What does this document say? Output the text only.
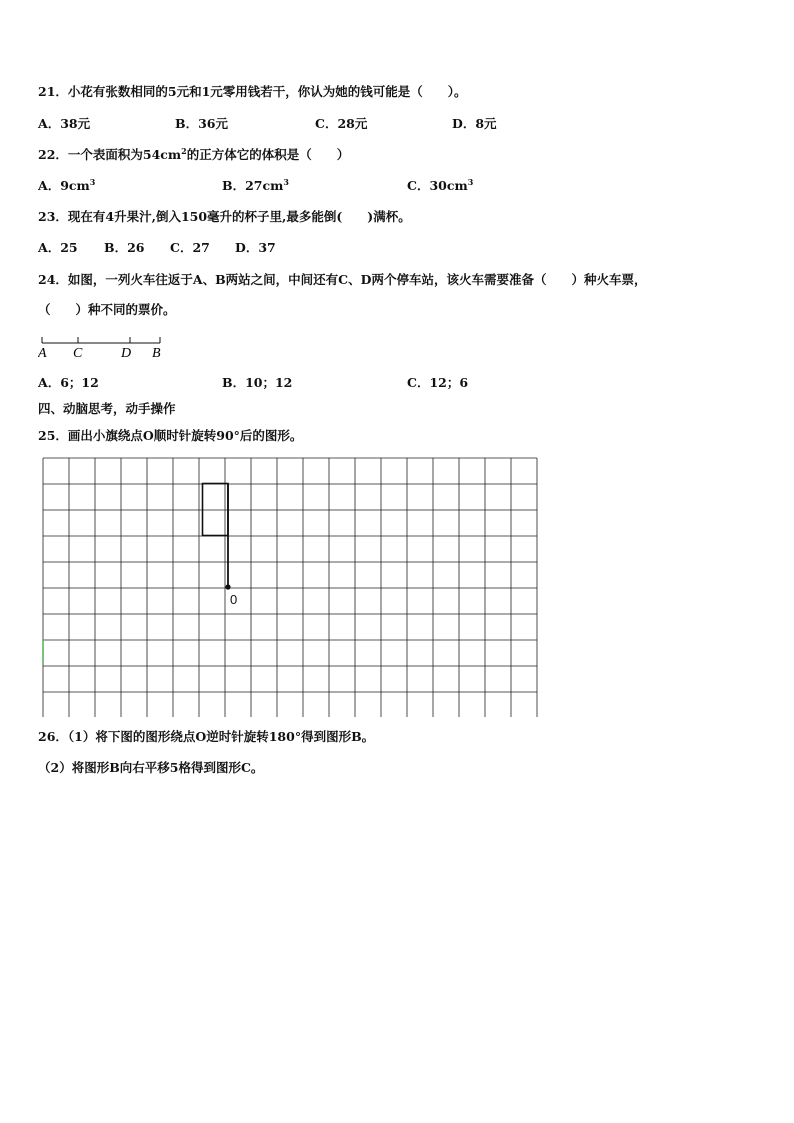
21．小花有张数相同的5元和1元零用钱若干，你认为她的钱可能是（　　）。
A．38元	B．36元	C．28元	D．8元
22．一个表面积为$54cm^2$的正方体它的体积是（　　）
A．$9cm^3$	B．$27cm^3$	C．$30cm^3$
23．现在有4升果汁,倒入150毫升的杯子里,最多能倒(　　)满杯。
A．25 B．26 C．27 D．37
24．如图，一列火车往返于A、B两站之间，中间还有C、D两个停车站，该火车需要准备（　　）种火车票，
（　　）种不同的票价。
A C	D B
A．6；12	B．10；12	C．12；6
四、动脑思考，动手操作
25．画出小旗绕点O顺时针旋转90°后的图形。
0
26．（1）将下图的图形绕点O逆时针旋转180°得到图形B。
（2）将图形B向右平移5格得到图形C。
